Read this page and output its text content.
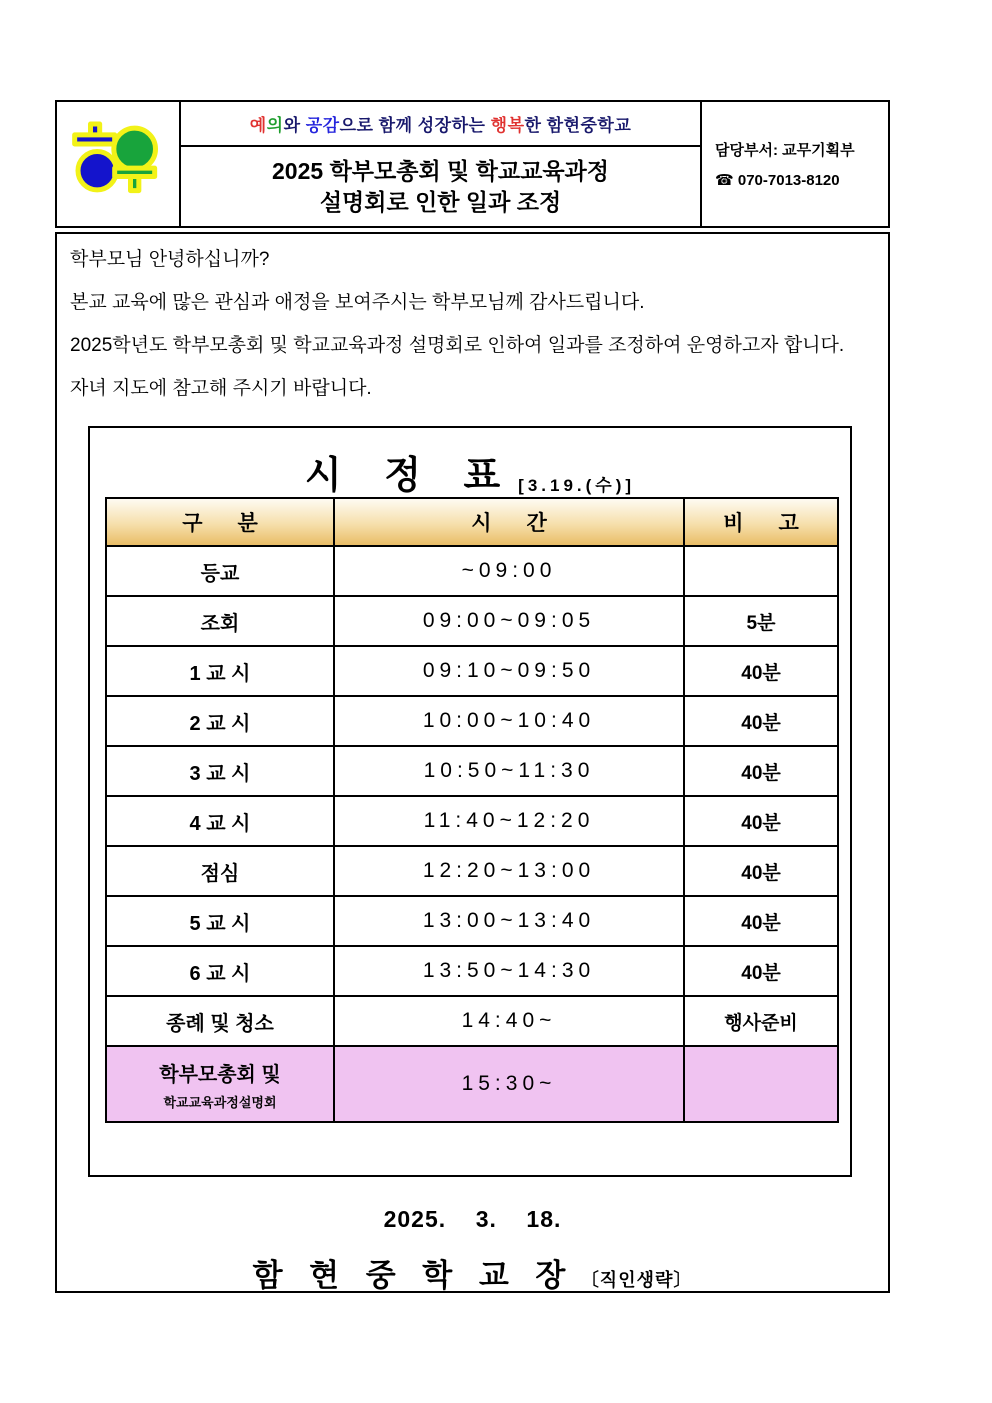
예 의 와 공감 으로 함께 성장하는 행복 한 함현중학교
2025 학부모총회 및 학교교육과정
설명회로 인한 일과 조정
담당부서: 교무기획부
☎ 070-7013-8120

학부모님 안녕하십니까?

본교 교육에 많은 관심과 애정을 보여주시는 학부모님께 감사드립니다.

2025학년도 학부모총회 및 학교교육과정 설명회로 인하여 일과를 조정하여 운영하고자 합니다.

자녀 지도에 참고해 주시기 바랍니다.

시 정 표 [3.19.(수)]
구      분	시      간	비      고

등교	~09:00	

조회	09:00~09:05	5분

1 교 시	09:10~09:50	40분

2 교 시	10:00~10:40	40분

3 교 시	10:50~11:30	40분

4 교 시	11:40~12:20	40분

점심	12:20~13:00	40분

5 교 시	13:00~13:40	40분

6 교 시	13:50~14:30	40분

종례 및 청소	14:40~	행사준비

학부모총회 및
학교교육과정설명회	15:30~	
2025.    3.    18.
함 현 중 학 교 장 〔직인생략〕
